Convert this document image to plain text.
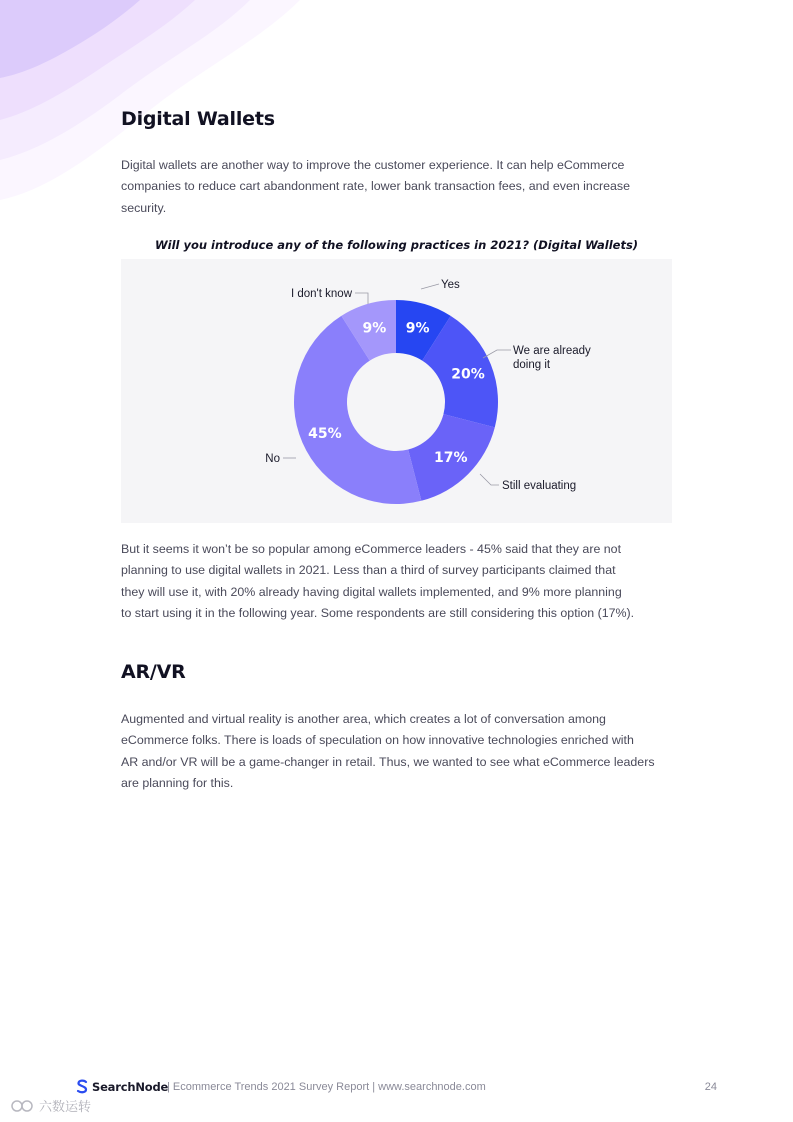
Digital Wallets
Digital wallets are another way to improve the customer experience. It can help eCommerce
companies to reduce cart abandonment rate, lower bank transaction fees, and even increase
security.
Will you introduce any of the following practices in 2021? (Digital Wallets)
9%
Yes
20%
We are already doing it
17%
Still evaluating
45%
No
9%
I don't know
But it seems it won’t be so popular among eCommerce leaders - 45% said that they are not
planning to use digital wallets in 2021. Less than a third of survey participants claimed that
they will use it, with 20% already having digital wallets implemented, and 9% more planning
to start using it in the following year. Some respondents are still considering this option (17%).
AR/VR
Augmented and virtual reality is another area, which creates a lot of conversation among
eCommerce folks. There is loads of speculation on how innovative technologies enriched with
AR and/or VR will be a game-changer in retail. Thus, we wanted to see what eCommerce leaders
are planning for this.
SearchNode
| Ecommerce Trends 2021 Survey Report | www.searchnode.com	24
六数运转
